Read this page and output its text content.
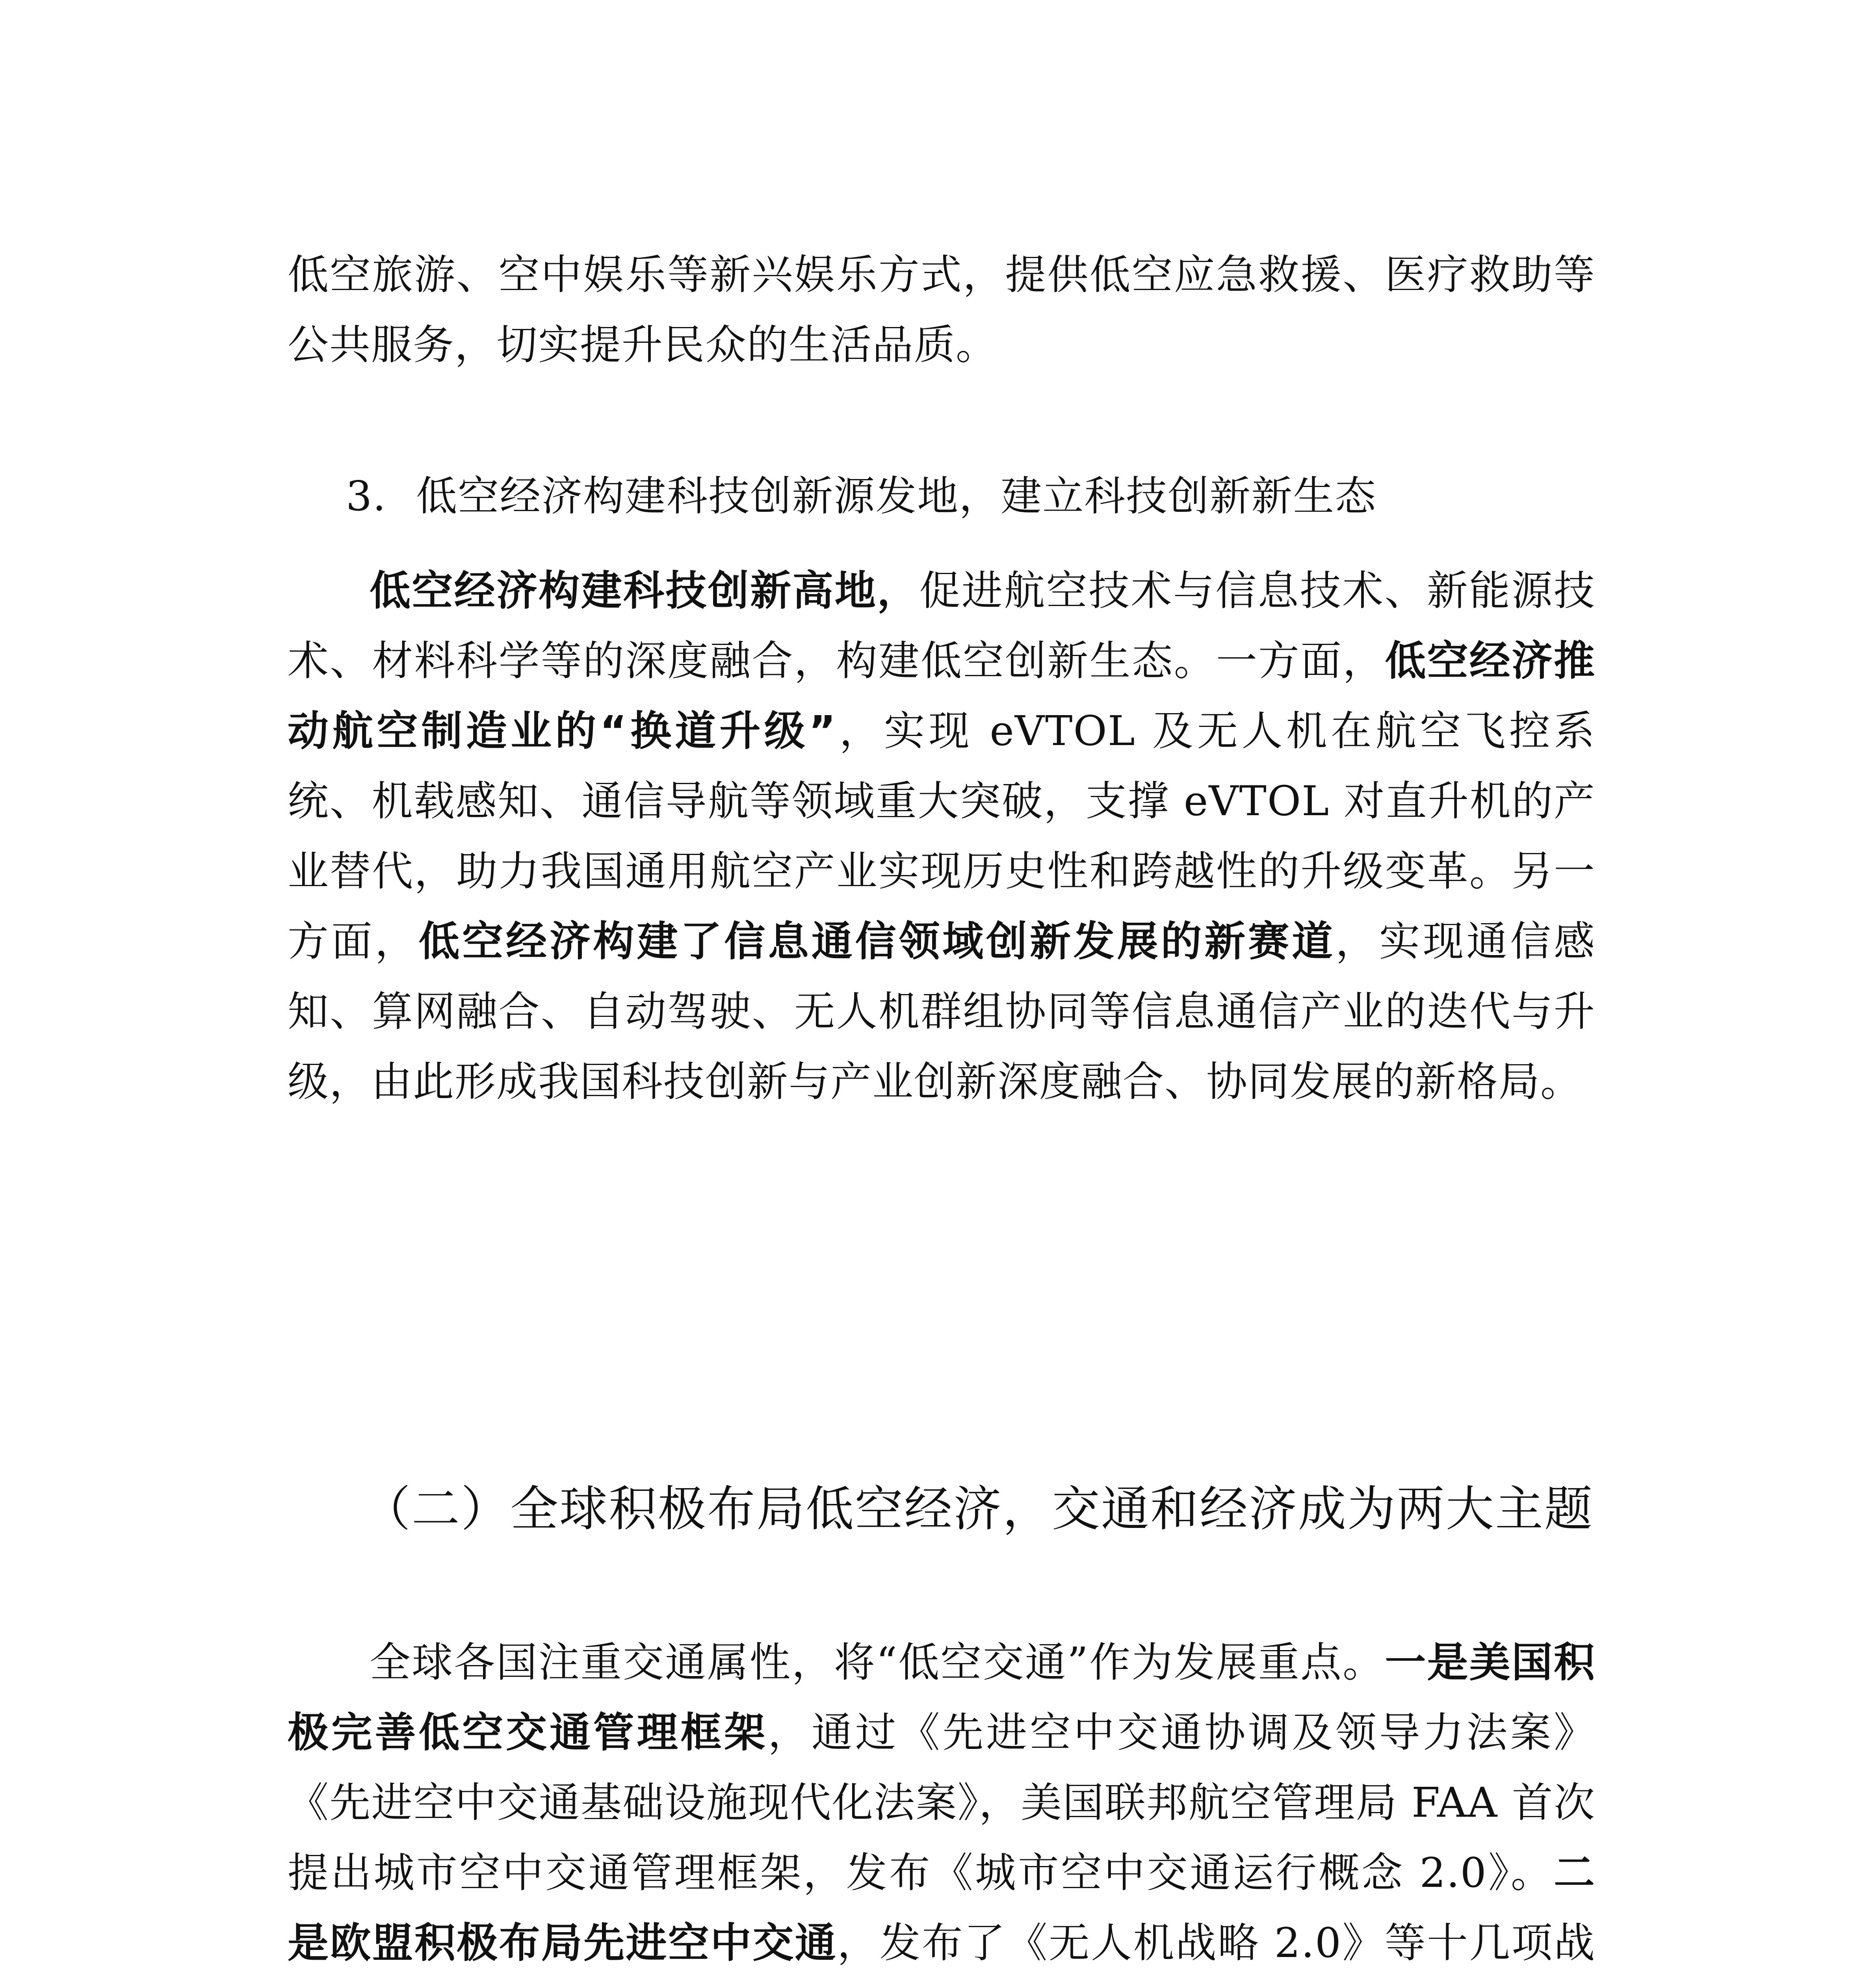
低空旅游、空中娱乐等新兴娱乐方式，提供低空应急救援、医疗救助等公共服务，切实提升民众的生活品质。

3. 低空经济构建科技创新源发地，建立科技创新新生态

低空经济构建科技创新高地，促进航空技术与信息技术、新能源技术、材料科学等的深度融合，构建低空创新生态。一方面，低空经济推动航空制造业的“换道升级”，实现 eVTOL 及无人机在航空飞控系统、机载感知、通信导航等领域重大突破，支撑 eVTOL 对直升机的产业替代，助力我国通用航空产业实现历史性和跨越性的升级变革。另一方面，低空经济构建了信息通信领域创新发展的新赛道，实现通信感知、算网融合、自动驾驶、无人机群组协同等信息通信产业的迭代与升级，由此形成我国科技创新与产业创新深度融合、协同发展的新格局。

（二）全球积极布局低空经济，交通和经济成为两大主题

全球各国注重交通属性，将“低空交通”作为发展重点。一是美国积极完善低空交通管理框架，通过《先进空中交通协调及领导力法案》《先进空中交通基础设施现代化法案》，美国联邦航空管理局 FAA 首次提出城市空中交通管理框架，发布《城市空中交通运行概念 2.0》。二是欧盟积极布局先进空中交通，发布了《无人机战略 2.0》等十几项战
